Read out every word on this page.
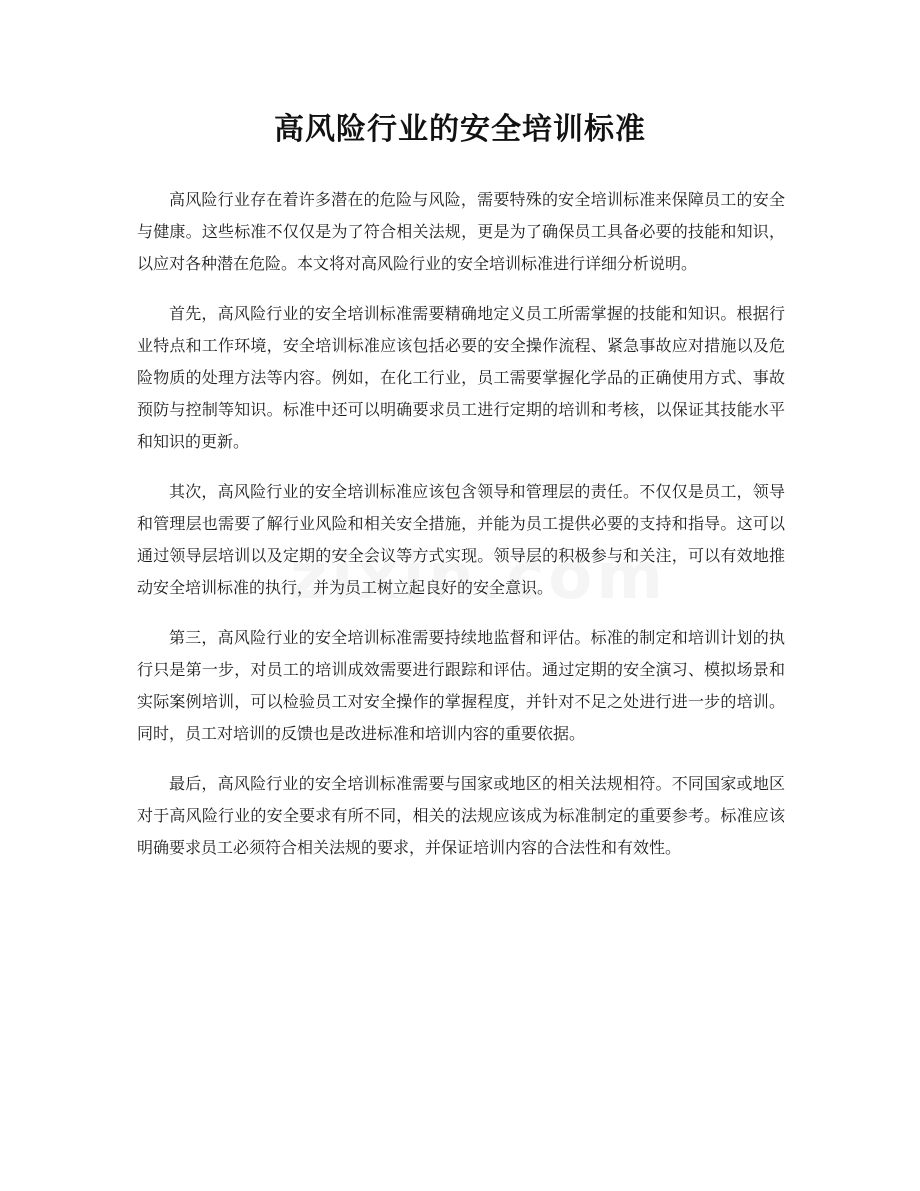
高风险行业的安全培训标准

高风险行业存在着许多潜在的危险与风险，需要特殊的安全培训标准来保障员工的安全与健康。这些标准不仅仅是为了符合相关法规，更是为了确保员工具备必要的技能和知识，以应对各种潜在危险。本文将对高风险行业的安全培训标准进行详细分析说明。

首先，高风险行业的安全培训标准需要精确地定义员工所需掌握的技能和知识。根据行业特点和工作环境，安全培训标准应该包括必要的安全操作流程、紧急事故应对措施以及危险物质的处理方法等内容。例如，在化工行业，员工需要掌握化学品的正确使用方式、事故预防与控制等知识。标准中还可以明确要求员工进行定期的培训和考核，以保证其技能水平和知识的更新。

其次，高风险行业的安全培训标准应该包含领导和管理层的责任。不仅仅是员工，领导和管理层也需要了解行业风险和相关安全措施，并能为员工提供必要的支持和指导。这可以通过领导层培训以及定期的安全会议等方式实现。领导层的积极参与和关注，可以有效地推动安全培训标准的执行，并为员工树立起良好的安全意识。

第三，高风险行业的安全培训标准需要持续地监督和评估。标准的制定和培训计划的执行只是第一步，对员工的培训成效需要进行跟踪和评估。通过定期的安全演习、模拟场景和实际案例培训，可以检验员工对安全操作的掌握程度，并针对不足之处进行进一步的培训。同时，员工对培训的反馈也是改进标准和培训内容的重要依据。

最后，高风险行业的安全培训标准需要与国家或地区的相关法规相符。不同国家或地区对于高风险行业的安全要求有所不同，相关的法规应该成为标准制定的重要参考。标准应该明确要求员工必须符合相关法规的要求，并保证培训内容的合法性和有效性。
